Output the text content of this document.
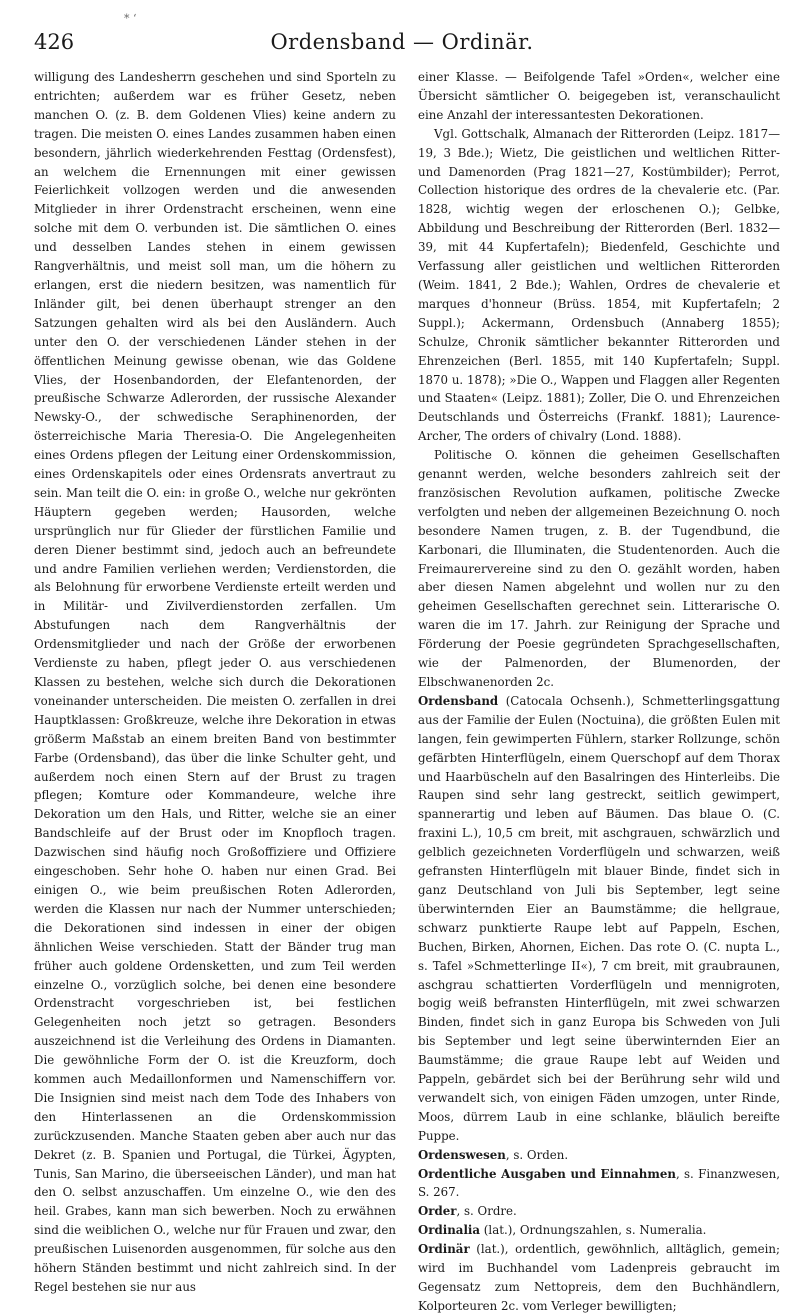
426
* ‘
Ordensband — Ordinär.

willigung des Landesherrn geschehen und sind Sporteln zu entrichten; außerdem war es früher Gesetz, neben manchen O. (z. B. dem Goldenen Vlies) keine andern zu tragen. Die meisten O. eines Landes zusammen haben einen besondern, jährlich wiederkehrenden Festtag (Ordensfest), an welchem die Ernennungen mit einer gewissen Feierlichkeit vollzogen werden und die anwesenden Mitglieder in ihrer Ordenstracht erscheinen, wenn eine solche mit dem O. verbunden ist. Die sämtlichen O. eines und desselben Landes stehen in einem gewissen Rangverhältnis, und meist soll man, um die höhern zu erlangen, erst die niedern besitzen, was namentlich für Inländer gilt, bei denen überhaupt strenger an den Satzungen gehalten wird als bei den Ausländern. Auch unter den O. der verschiedenen Länder stehen in der öffentlichen Meinung gewisse obenan, wie das Goldene Vlies, der Hosenbandorden, der Elefantenorden, der preußische Schwarze Adlerorden, der russische Alexander Newsky-O., der schwedische Seraphinenorden, der österreichische Maria Theresia-O. Die Angelegenheiten eines Ordens pflegen der Leitung einer Ordenskommission, eines Ordenskapitels oder eines Ordensrats anvertraut zu sein. Man teilt die O. ein: in große O., welche nur gekrönten Häuptern gegeben werden; Hausorden, welche ursprünglich nur für Glieder der fürstlichen Familie und deren Diener bestimmt sind, jedoch auch an befreundete und andre Familien verliehen werden; Verdienstorden, die als Belohnung für erworbene Verdienste erteilt werden und in Militär- und Zivilverdienstorden zerfallen. Um Abstufungen nach dem Rangverhältnis der Ordensmitglieder und nach der Größe der erworbenen Verdienste zu haben, pflegt jeder O. aus verschiedenen Klassen zu bestehen, welche sich durch die Dekorationen voneinander unterscheiden. Die meisten O. zerfallen in drei Hauptklassen: Großkreuze, welche ihre Dekoration in etwas größerm Maßstab an einem breiten Band von bestimmter Farbe (Ordensband), das über die linke Schulter geht, und außerdem noch einen Stern auf der Brust zu tragen pflegen; Komture oder Kommandeure, welche ihre Dekoration um den Hals, und Ritter, welche sie an einer Bandschleife auf der Brust oder im Knopfloch tragen. Dazwischen sind häufig noch Großoffiziere und Offiziere eingeschoben. Sehr hohe O. haben nur einen Grad. Bei einigen O., wie beim preußischen Roten Adlerorden, werden die Klassen nur nach der Nummer unterschieden; die Dekorationen sind indessen in einer der obigen ähnlichen Weise verschieden. Statt der Bänder trug man früher auch goldene Ordensketten, und zum Teil werden einzelne O., vorzüglich solche, bei denen eine besondere Ordenstracht vorgeschrieben ist, bei festlichen Gelegenheiten noch jetzt so getragen. Besonders auszeichnend ist die Verleihung des Ordens in Diamanten. Die gewöhnliche Form der O. ist die Kreuzform, doch kommen auch Medaillonformen und Namenschiffern vor. Die Insignien sind meist nach dem Tode des Inhabers von den Hinterlassenen an die Ordenskommission zurückzusenden. Manche Staaten geben aber auch nur das Dekret (z. B. Spanien und Portugal, die Türkei, Ägypten, Tunis, San Marino, die überseeischen Länder), und man hat den O. selbst anzuschaffen. Um einzelne O., wie den des heil. Grabes, kann man sich bewerben. Noch zu erwähnen sind die weiblichen O., welche nur für Frauen und zwar, den preußischen Luisenorden ausgenommen, für solche aus den höhern Ständen bestimmt und nicht zahlreich sind. In der Regel bestehen sie nur aus

einer Klasse. — Beifolgende Tafel »Orden«, welcher eine Übersicht sämtlicher O. beigegeben ist, veranschaulicht eine Anzahl der interessantesten Dekorationen.

Vgl. Gottschalk, Almanach der Ritterorden (Leipz. 1817—19, 3 Bde.); Wietz, Die geistlichen und weltlichen Ritter- und Damenorden (Prag 1821—27, Kostümbilder); Perrot, Collection historique des ordres de la chevalerie etc. (Par. 1828, wichtig wegen der erloschenen O.); Gelbke, Abbildung und Beschreibung der Ritterorden (Berl. 1832—39, mit 44 Kupfertafeln); Biedenfeld, Geschichte und Verfassung aller geistlichen und weltlichen Ritterorden (Weim. 1841, 2 Bde.); Wahlen, Ordres de chevalerie et marques d'honneur (Brüss. 1854, mit Kupfertafeln; 2 Suppl.); Ackermann, Ordensbuch (Annaberg 1855); Schulze, Chronik sämtlicher bekannter Ritterorden und Ehrenzeichen (Berl. 1855, mit 140 Kupfertafeln; Suppl. 1870 u. 1878); »Die O., Wappen und Flaggen aller Regenten und Staaten« (Leipz. 1881); Zoller, Die O. und Ehrenzeichen Deutschlands und Österreichs (Frankf. 1881); Laurence-Archer, The orders of chivalry (Lond. 1888).

Politische O. können die geheimen Gesellschaften genannt werden, welche besonders zahlreich seit der französischen Revolution aufkamen, politische Zwecke verfolgten und neben der allgemeinen Bezeichnung O. noch besondere Namen trugen, z. B. der Tugendbund, die Karbonari, die Illuminaten, die Studentenorden. Auch die Freimaurervereine sind zu den O. gezählt worden, haben aber diesen Namen abgelehnt und wollen nur zu den geheimen Gesellschaften gerechnet sein. Litterarische O. waren die im 17. Jahrh. zur Reinigung der Sprache und Förderung der Poesie gegründeten Sprachgesellschaften, wie der Palmenorden, der Blumenorden, der Elbschwanenorden 2c.

Ordensband (Catocala Ochsenh.), Schmetterlingsgattung aus der Familie der Eulen (Noctuina), die größten Eulen mit langen, fein gewimperten Fühlern, starker Rollzunge, schön gefärbten Hinterflügeln, einem Querschopf auf dem Thorax und Haarbüscheln auf den Basalringen des Hinterleibs. Die Raupen sind sehr lang gestreckt, seitlich gewimpert, spannerartig und leben auf Bäumen. Das blaue O. (C. fraxini L.), 10,5 cm breit, mit aschgrauen, schwärzlich und gelblich gezeichneten Vorderflügeln und schwarzen, weiß gefransten Hinterflügeln mit blauer Binde, findet sich in ganz Deutschland von Juli bis September, legt seine überwinternden Eier an Baumstämme; die hellgraue, schwarz punktierte Raupe lebt auf Pappeln, Eschen, Buchen, Birken, Ahornen, Eichen. Das rote O. (C. nupta L., s. Tafel »Schmetterlinge II«), 7 cm breit, mit graubraunen, aschgrau schattierten Vorderflügeln und mennigroten, bogig weiß befransten Hinterflügeln, mit zwei schwarzen Binden, findet sich in ganz Europa bis Schweden von Juli bis September und legt seine überwinternden Eier an Baumstämme; die graue Raupe lebt auf Weiden und Pappeln, gebärdet sich bei der Berührung sehr wild und verwandelt sich, von einigen Fäden umzogen, unter Rinde, Moos, dürrem Laub in eine schlanke, bläulich bereifte Puppe.

Ordenswesen, s. Orden.

Ordentliche Ausgaben und Einnahmen, s. Finanzwesen, S. 267.

Order, s. Ordre.

Ordinalia (lat.), Ordnungszahlen, s. Numeralia.

Ordinär (lat.), ordentlich, gewöhnlich, alltäglich, gemein; wird im Buchhandel vom Ladenpreis gebraucht im Gegensatz zum Nettopreis, dem den Buchhändlern, Kolporteuren 2c. vom Verleger bewilligten;
